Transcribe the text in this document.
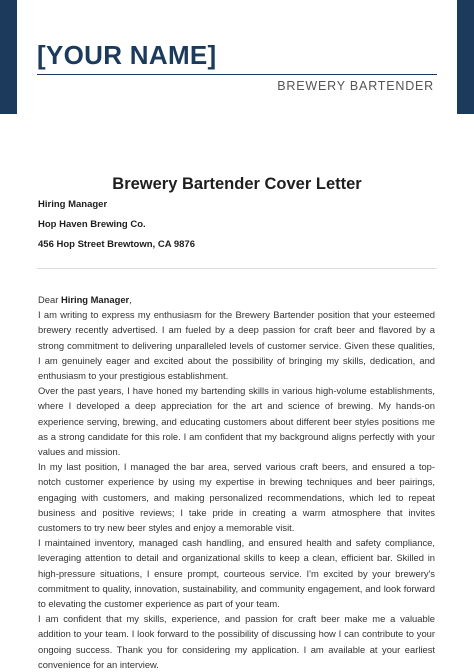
[YOUR NAME]
BREWERY BARTENDER
Brewery Bartender Cover Letter
Hiring Manager
Hop Haven Brewing Co.
456 Hop Street Brewtown, CA 9876

Dear Hiring Manager,

I am writing to express my enthusiasm for the Brewery Bartender position that your esteemed brewery recently advertised. I am fueled by a deep passion for craft beer and flavored by a strong commitment to delivering unparalleled levels of customer service. Given these qualities, I am genuinely eager and excited about the possibility of bringing my skills, dedication, and enthusiasm to your prestigious establishment.

Over the past years, I have honed my bartending skills in various high-volume establishments, where I developed a deep appreciation for the art and science of brewing. My hands-on experience serving, brewing, and educating customers about different beer styles positions me as a strong candidate for this role. I am confident that my background aligns perfectly with your values and mission.

In my last position, I managed the bar area, served various craft beers, and ensured a top-notch customer experience by using my expertise in brewing techniques and beer pairings, engaging with customers, and making personalized recommendations, which led to repeat business and positive reviews; I take pride in creating a warm atmosphere that invites customers to try new beer styles and enjoy a memorable visit.

I maintained inventory, managed cash handling, and ensured health and safety compliance, leveraging attention to detail and organizational skills to keep a clean, efficient bar. Skilled in high-pressure situations, I ensure prompt, courteous service. I'm excited by your brewery's commitment to quality, innovation, sustainability, and community engagement, and look forward to elevating the customer experience as part of your team.

I am confident that my skills, experience, and passion for craft beer make me a valuable addition to your team. I look forward to the possibility of discussing how I can contribute to your ongoing success. Thank you for considering my application. I am available at your earliest convenience for an interview.
